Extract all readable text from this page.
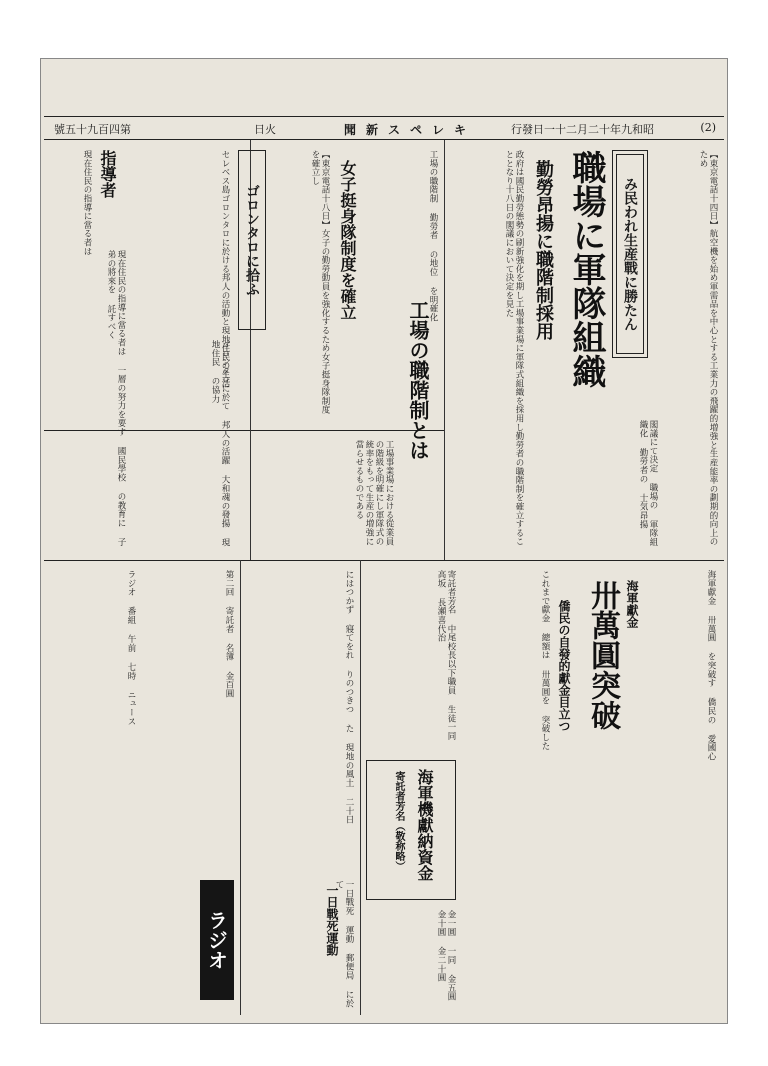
(2)
行發日一十二月二十年九和昭
聞新スペレキ
日火
號五十九百四第
み民われ生産戰に勝たん
職場に軍隊組織
勤勞昂揚に職階制採用	【東京電話十四日】航空機を始め軍需品を中心とする工業力の飛躍的増強と生産能率の劃期的向上のため
政府は國民勤勞態勢の刷新強化を期し工場事業場に軍隊式組織を採用し勤勞者の職階制を確立することとなり十八日の閣議において決定を見た
閣議にて決定 職場の 軍隊組織化 勤勞者の 士気昂揚
工場の職階制とは
工場事業場における從業員の階級を明確にし軍隊式の統率をもって生産の増強に當らせるものである
工場の職階制 勤勞者 の地位 を明確化
女子挺身隊制度を確立
【東京電話十八日】女子の勤勞動員を強化するため女子挺身隊制度を確立し
ゴロンタロに拾ふ
セレベス島ゴロンタロに於ける邦人の活動と現地住民の生活
ゴロンタロに於て 邦人の活躍 大和魂の發揚 現地住民 の協力
指導者
現在住民の指導に當る者は
現在住民の指導に當る者は 一層の努力を要す 國民學校 の教育に 子弟の將來を 託すべく
海軍獻金
卅萬圓突破
僑民の自發的獻金目立つ	海軍獻金 卅萬圓 を突破す 僑民の 愛國心
これまで獻金 總額は 卅萬圓を 突破した
海軍機獻納資金
寄託者芳名（敬称略）
寄託者芳名 中尾校長以下職員 生徒一同 高坂 長瀬喜代治
金一圓 一同 金五圓 金十圓 金二十圓
ラジオ
にはつかず 寢てをれ りのつきつ た 現地の風土 二十日
一日戰死 運動 郵便局 に於て
一日戰死運動
第二回 寄託者 名簿 金百圓
ラジオ 番組 午前 七時 ニュース
